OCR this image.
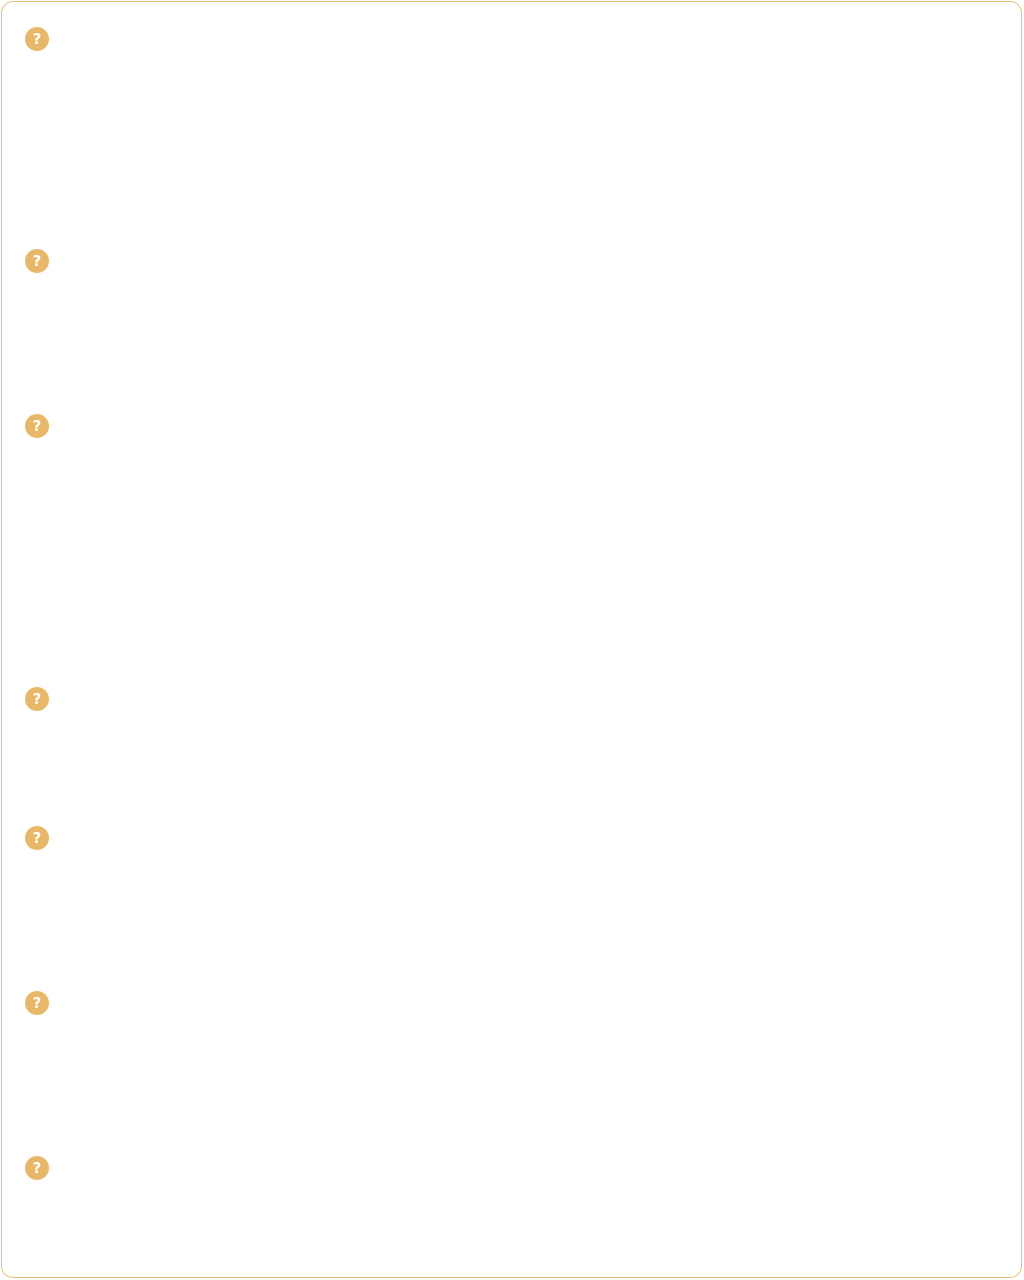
?
?
?
?
?
?
?
